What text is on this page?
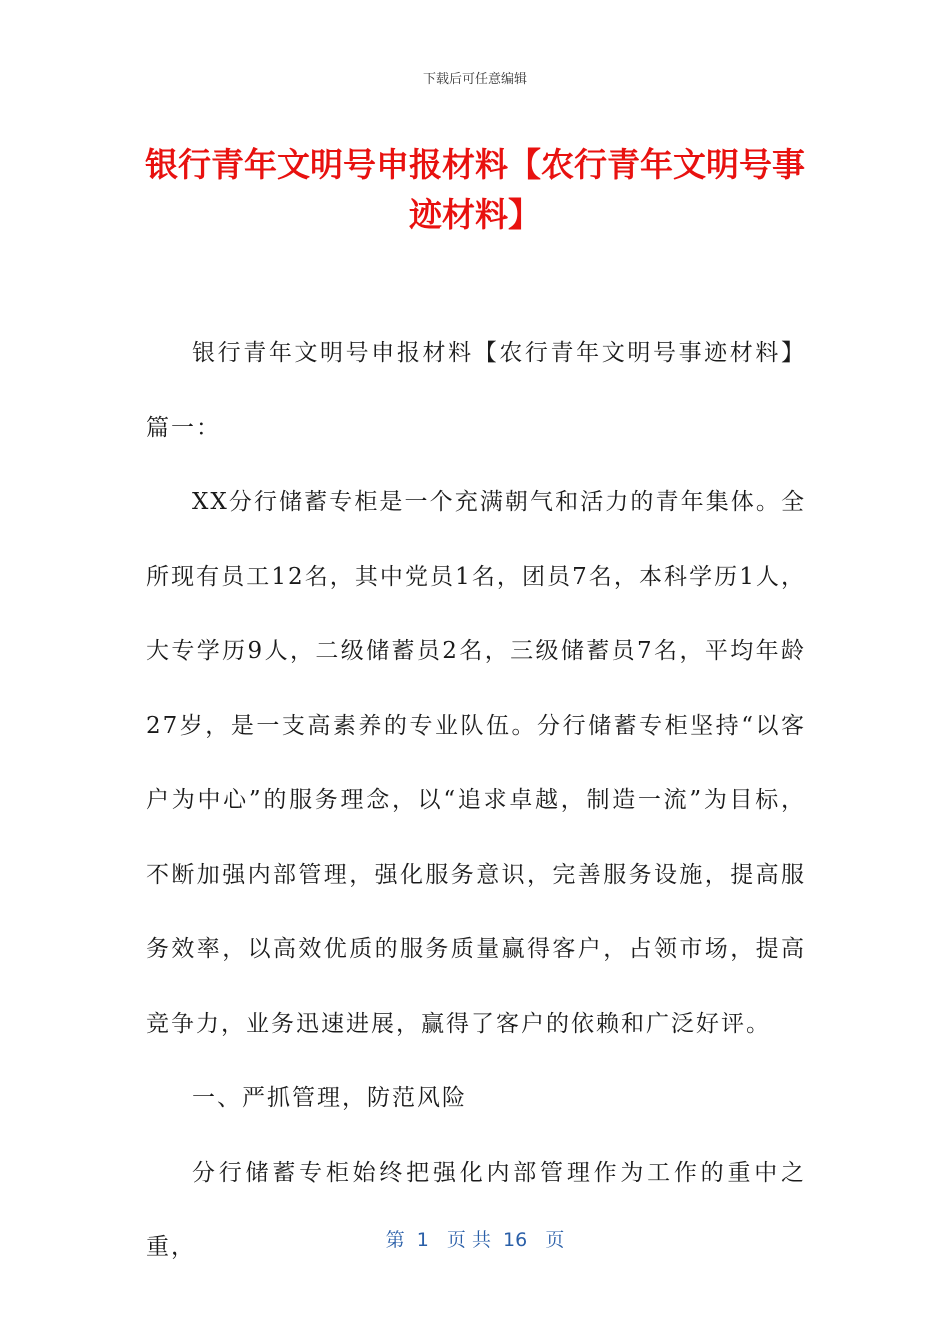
下载后可任意编辑
银行青年文明号申报材料【农行青年文明号事迹材料】

银行青年文明号申报材料【农行青年文明号事迹材料】篇一：

XX分行储蓄专柜是一个充满朝气和活力的青年集体。全所现有员工12名，其中党员1名，团员7名，本科学历1人，大专学历9人，二级储蓄员2名，三级储蓄员7名，平均年龄27岁，是一支高素养的专业队伍。分行储蓄专柜坚持“以客户为中心”的服务理念，以“追求卓越，制造一流”为目标，不断加强内部管理，强化服务意识，完善服务设施，提高服务效率，以高效优质的服务质量赢得客户，占领市场，提高竞争力，业务迅速进展，赢得了客户的依赖和广泛好评。

一、严抓管理，防范风险

分行储蓄专柜始终把强化内部管理作为工作的重中之重，	第  1   页 共  16   页
